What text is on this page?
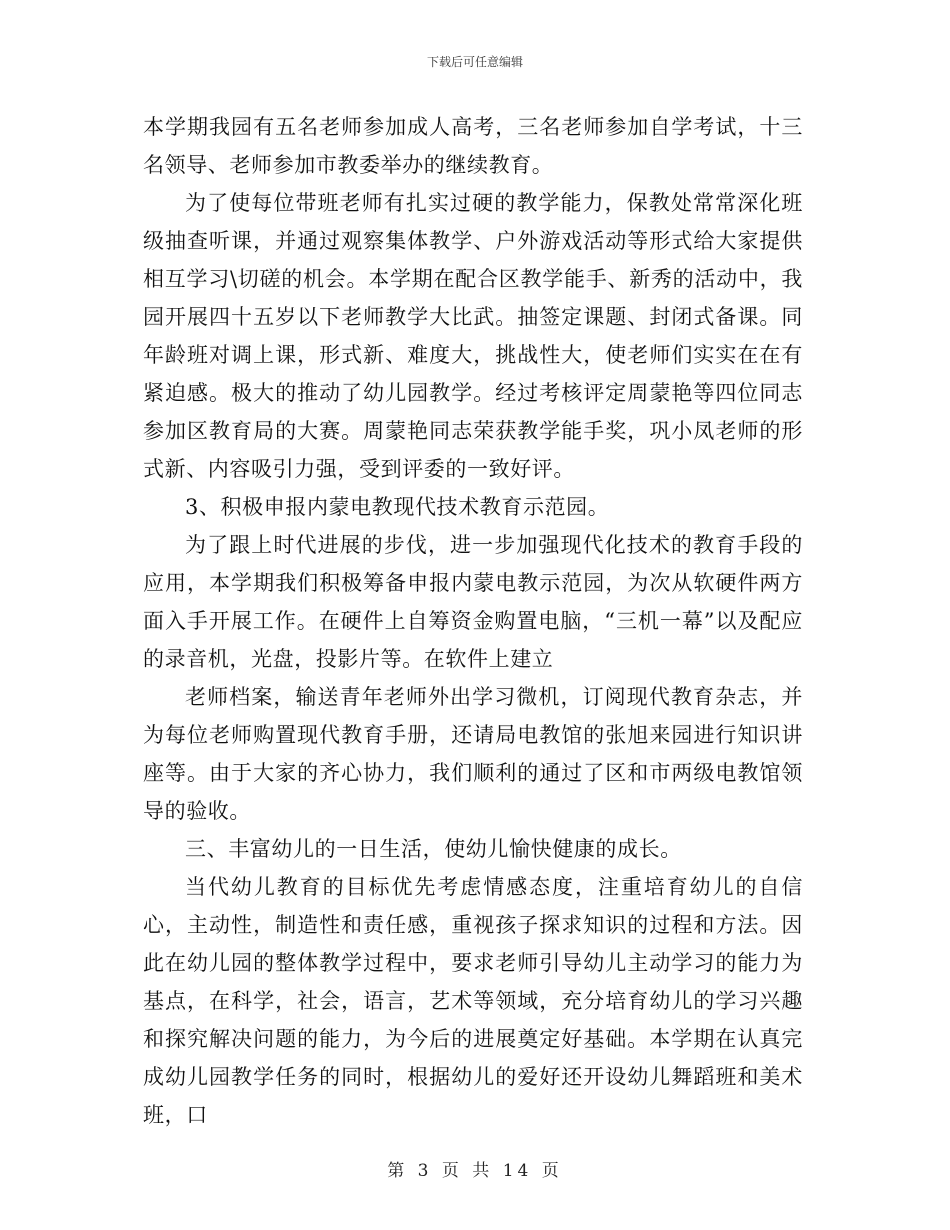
下载后可任意编辑

本学期我园有五名老师参加成人高考，三名老师参加自学考试，十三名领导、老师参加市教委举办的继续教育。

为了使每位带班老师有扎实过硬的教学能力，保教处常常深化班级抽查听课，并通过观察集体教学、户外游戏活动等形式给大家提供相互学习\切磋的机会。本学期在配合区教学能手、新秀的活动中，我园开展四十五岁以下老师教学大比武。抽签定课题、封闭式备课。同年龄班对调上课，形式新、难度大，挑战性大，使老师们实实在在有紧迫感。极大的推动了幼儿园教学。经过考核评定周蒙艳等四位同志参加区教育局的大赛。周蒙艳同志荣获教学能手奖，巩小凤老师的形式新、内容吸引力强，受到评委的一致好评。

3、积极申报内蒙电教现代技术教育示范园。

为了跟上时代进展的步伐，进一步加强现代化技术的教育手段的应用，本学期我们积极筹备申报内蒙电教示范园，为次从软硬件两方面入手开展工作。在硬件上自筹资金购置电脑，“三机一幕”以及配应的录音机，光盘，投影片等。在软件上建立

老师档案，输送青年老师外出学习微机，订阅现代教育杂志，并为每位老师购置现代教育手册，还请局电教馆的张旭来园进行知识讲座等。由于大家的齐心协力，我们顺利的通过了区和市两级电教馆领导的验收。

三、丰富幼儿的一日生活，使幼儿愉快健康的成长。

当代幼儿教育的目标优先考虑情感态度，注重培育幼儿的自信心，主动性，制造性和责任感，重视孩子探求知识的过程和方法。因此在幼儿园的整体教学过程中，要求老师引导幼儿主动学习的能力为基点，在科学，社会，语言，艺术等领域，充分培育幼儿的学习兴趣和探究解决问题的能力，为今后的进展奠定好基础。本学期在认真完成幼儿园教学任务的同时，根据幼儿的爱好还开设幼儿舞蹈班和美术班，口

第 3 页 共 14 页
